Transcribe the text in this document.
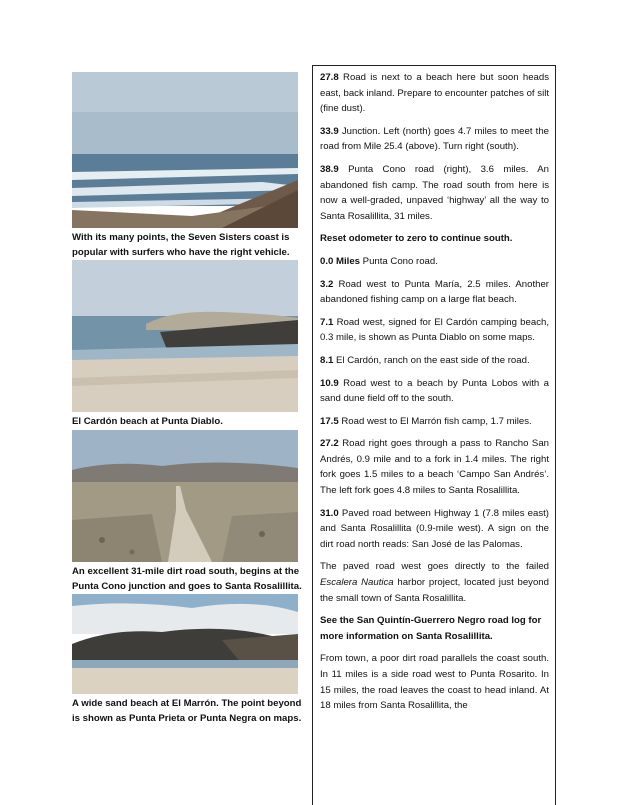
With its many points, the Seven Sisters coast is popular with surfers who have the right vehicle.

El Cardón beach at Punta Diablo.

An excellent 31-mile dirt road south, begins at the Punta Cono junction and goes to Santa Rosalillita.

A wide sand beach at El Marrón. The point beyond is shown as Punta Prieta or Punta Negra on maps.

27.8 Road is next to a beach here but soon heads east, back inland. Prepare to encounter patches of silt (fine dust).

33.9 Junction. Left (north) goes 4.7 miles to meet the road from Mile 25.4 (above). Turn right (south).

38.9 Punta Cono road (right), 3.6 miles. An abandoned fish camp. The road south from here is now a well-graded, unpaved ‘highway’ all the way to Santa Rosalillita, 31 miles.

Reset odometer to zero to continue south.

0.0 Miles Punta Cono road.

3.2 Road west to Punta María, 2.5 miles. Another abandoned fishing camp on a large flat beach.

7.1 Road west, signed for El Cardón camping beach, 0.3 mile, is shown as Punta Diablo on some maps.

8.1 El Cardón, ranch on the east side of the road.

10.9 Road west to a beach by Punta Lobos with a sand dune field off to the south.

17.5 Road west to El Marrón fish camp, 1.7 miles.

27.2 Road right goes through a pass to Rancho San Andrés, 0.9 mile and to a fork in 1.4 miles. The right fork goes 1.5 miles to a beach ‘Campo San Andrés’. The left fork goes 4.8 miles to Santa Rosalillita.

31.0 Paved road between Highway 1 (7.8 miles east) and Santa Rosalillita (0.9-mile west). A sign on the dirt road north reads: San José de las Palomas.

The paved road west goes directly to the failed Escalera Nautica harbor project, located just beyond the small town of Santa Rosalillita.

See the San Quintín-Guerrero Negro road log for more information on Santa Rosalillita.

From town, a poor dirt road parallels the coast south. In 11 miles is a side road west to Punta Rosarito. In 15 miles, the road leaves the coast to head inland. At 18 miles from Santa Rosalillita, the
